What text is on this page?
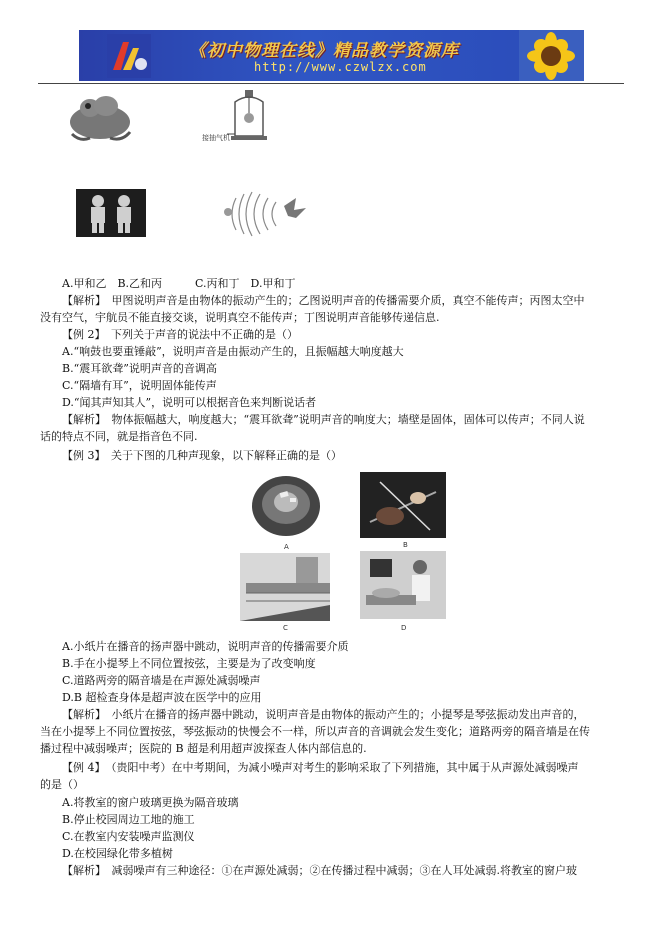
《初中物理在线》精品教学资源库
http://www.czwlzx.com
接抽气机
A	B
C	D
A.甲和乙　B.乙和丙　　　C.丙和丁　D.甲和丁
【解析】　甲图说明声音是由物体的振动产生的；乙图说明声音的传播需要介质，真空不能传声；丙图太空中
没有空气，宇航员不能直接交谈，说明真空不能传声；丁图说明声音能够传递信息.
【例 2】　下列关于声音的说法中不正确的是（）
A.“响鼓也要重锤敲”，说明声音是由振动产生的，且振幅越大响度越大
B.“震耳欲聋”说明声音的音调高
C.“隔墙有耳”，说明固体能传声
D.“闻其声知其人”，说明可以根据音色来判断说话者
【解析】　物体振幅越大，响度越大；“震耳欲聋”说明声音的响度大；墙壁是固体，固体可以传声；不同人说
话的特点不同，就是指音色不同.
【例 3】　关于下图的几种声现象，以下解释正确的是（）
A.小纸片在播音的扬声器中跳动，说明声音的传播需要介质
B.手在小提琴上不同位置按弦，主要是为了改变响度
C.道路两旁的隔音墙是在声源处减弱噪声
D.B 超检查身体是超声波在医学中的应用
【解析】　小纸片在播音的扬声器中跳动，说明声音是由物体的振动产生的；小提琴是琴弦振动发出声音的，
当在小提琴上不同位置按弦，琴弦振动的快慢会不一样，所以声音的音调就会发生变化；道路两旁的隔音墙是在传
播过程中减弱噪声；医院的 B 超是利用超声波探查人体内部信息的.
【例 4】　（贵阳中考）在中考期间，为减小噪声对考生的影响采取了下列措施，其中属于从声源处减弱噪声
的是（）
A.将教室的窗户玻璃更换为隔音玻璃
B.停止校园周边工地的施工
C.在教室内安装噪声监测仪
D.在校园绿化带多植树
【解析】　减弱噪声有三种途径：①在声源处减弱；②在传播过程中减弱；③在人耳处减弱.将教室的窗户玻
